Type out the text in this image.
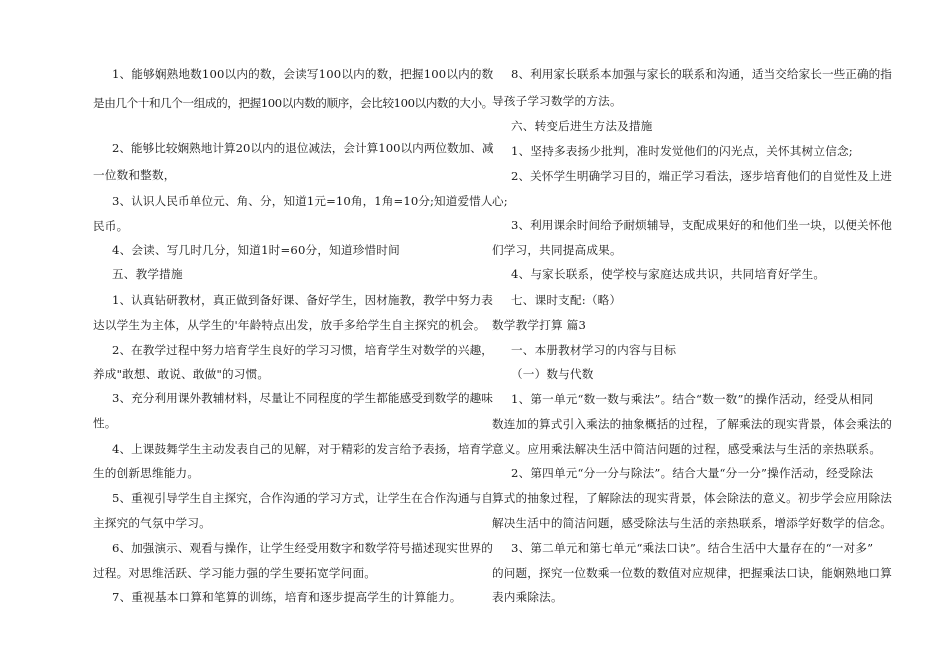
1、能够娴熟地数100以内的数，会读写100以内的数，把握100以内的数
是由几个十和几个一组成的，把握100以内数的顺序，会比较100以内数的大小。
2、能够比较娴熟地计算20以内的退位减法，会计算100以内两位数加、减
一位数和整数，
3、认识人民币单位元、角、分，知道1元=10角，1角=10分;知道爱惜人
民币。
4、会读、写几时几分，知道1时=60分，知道珍惜时间
五、教学措施
1、认真钻研教材，真正做到备好课、备好学生，因材施教，教学中努力表
达以学生为主体，从学生的'年龄特点出发，放手多给学生自主探究的机会。
2、在教学过程中努力培育学生良好的学习习惯，培育学生对数学的兴趣，
养成"敢想、敢说、敢做"的习惯。
3、充分利用课外教辅材料，尽量让不同程度的学生都能感受到数学的趣味
性。
4、上课鼓舞学生主动发表自己的见解，对于精彩的发言给予表扬，培育学
生的创新思维能力。
5、重视引导学生自主探究，合作沟通的学习方式，让学生在合作沟通与自
主探究的气氛中学习。
6、加强演示、观看与操作，让学生经受用数字和数学符号描述现实世界的
过程。对思维活跃、学习能力强的学生要拓宽学问面。
7、重视基本口算和笔算的训练，培育和逐步提高学生的计算能力。
8、利用家长联系本加强与家长的联系和沟通，适当交给家长一些正确的指
导孩子学习数学的方法。
六、转变后进生方法及措施
1、坚持多表扬少批判，准时发觉他们的闪光点，关怀其树立信念;
2、关怀学生明确学习目的，端正学习看法，逐步培育他们的自觉性及上进
心;
3、利用课余时间给予耐烦辅导，支配成果好的和他们坐一块，以便关怀他
们学习，共同提高成果。
4、与家长联系，使学校与家庭达成共识，共同培育好学生。
七、课时支配:（略）
数学教学打算 篇3
一、本册教材学习的内容与目标
（一）数与代数
1、第一单元“数一数与乘法”。结合“数一数”的操作活动，经受从相同
数连加的算式引入乘法的抽象概括的过程，了解乘法的现实背景，体会乘法的
意义。应用乘法解决生活中简洁问题的过程，感受乘法与生活的亲热联系。
2、第四单元“分一分与除法”。结合大量“分一分”操作活动，经受除法
算式的抽象过程，了解除法的现实背景，体会除法的意义。初步学会应用除法
解决生活中的简洁问题，感受除法与生活的亲热联系，增添学好数学的信念。
3、第二单元和第七单元“乘法口诀”。结合生活中大量存在的“一对多”
的问题，探究一位数乘一位数的数值对应规律，把握乘法口诀，能娴熟地口算
表内乘除法。
